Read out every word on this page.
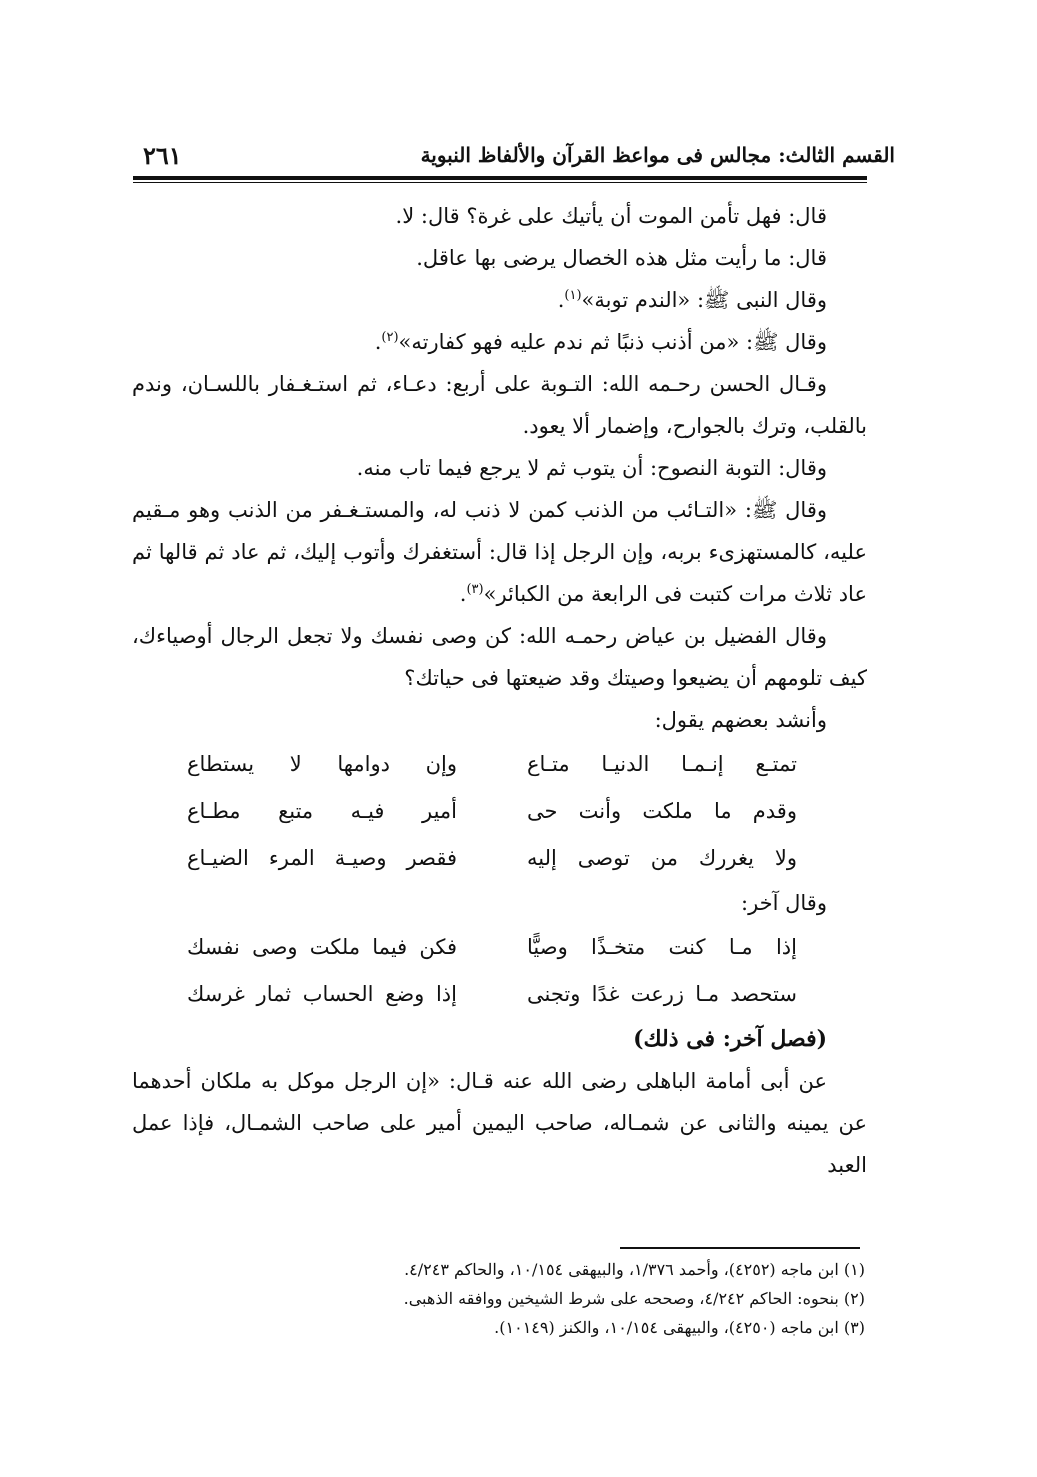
القسم الثالث: مجالس فى مواعظ القرآن والألفاظ النبوية
٢٦١

قال: فهل تأمن الموت أن يأتيك على غرة؟ قال: لا.

قال: ما رأيت مثل هذه الخصال يرضى بها عاقل.

وقال النبى ﷺ: «الندم توبة»$^{(١)}$.

وقال ﷺ: «من أذنب ذنبًا ثم ندم عليه فهو كفارته»$^{(٢)}$.

وقـال الحسن رحـمه الله: التـوبة على أربع: دعـاء، ثم استـغـفار باللسـان، وندم بالقلب، وترك بالجوارح، وإضمار ألا يعود.

وقال: التوبة النصوح: أن يتوب ثم لا يرجع فيما تاب منه.

وقال ﷺ: «التـائب من الذنب كمن لا ذنب له، والمستـغـفر من الذنب وهو مـقيم عليه، كالمستهزىء بربه، وإن الرجل إذا قال: أستغفرك وأتوب إليك، ثم عاد ثم قالها ثم عاد ثلاث مرات كتبت فى الرابعة من الكبائر»$^{(٣)}$.

وقال الفضيل بن عياض رحمـه الله: كن وصى نفسك ولا تجعل الرجال أوصياءك، كيف تلومهم أن يضيعوا وصيتك وقد ضيعتها فى حياتك؟

وأنشد بعضهم يقول:

تمتـع إنـمـا الدنيـا متـاع
وإن دوامها لا يستطاع
وقدم ما ملكت وأنت حى
أمير فيـه متبع مطـاع
ولا يغررك من توصى إليه
فقصر وصيـة المرء الضيـاع

وقال آخر:

إذا مـا كنت متخـذًا وصيًّا
فكن فيما ملكت وصى نفسك
ستحصد مـا زرعت غدًا وتجنى
إذا وضع الحساب ثمار غرسك

(فصل آخر: فى ذلك)

عن أبى أمامة الباهلى رضى الله عنه قـال: «إن الرجل موكل به ملكان أحدهما عن يمينه والثانى عن شمـاله، صاحب اليمين أمير على صاحب الشمـال، فإذا عمل العبد

(١) ابن ماجه (٤٢٥٢)، وأحمد ١/٣٧٦، والبيهقى ١٠/١٥٤، والحاكم ٤/٢٤٣.

(٢) بنحوه: الحاكم ٤/٢٤٢، وصححه على شرط الشيخين ووافقه الذهبى.

(٣) ابن ماجه (٤٢٥٠)، والبيهقى ١٠/١٥٤، والكنز (١٠١٤٩).
